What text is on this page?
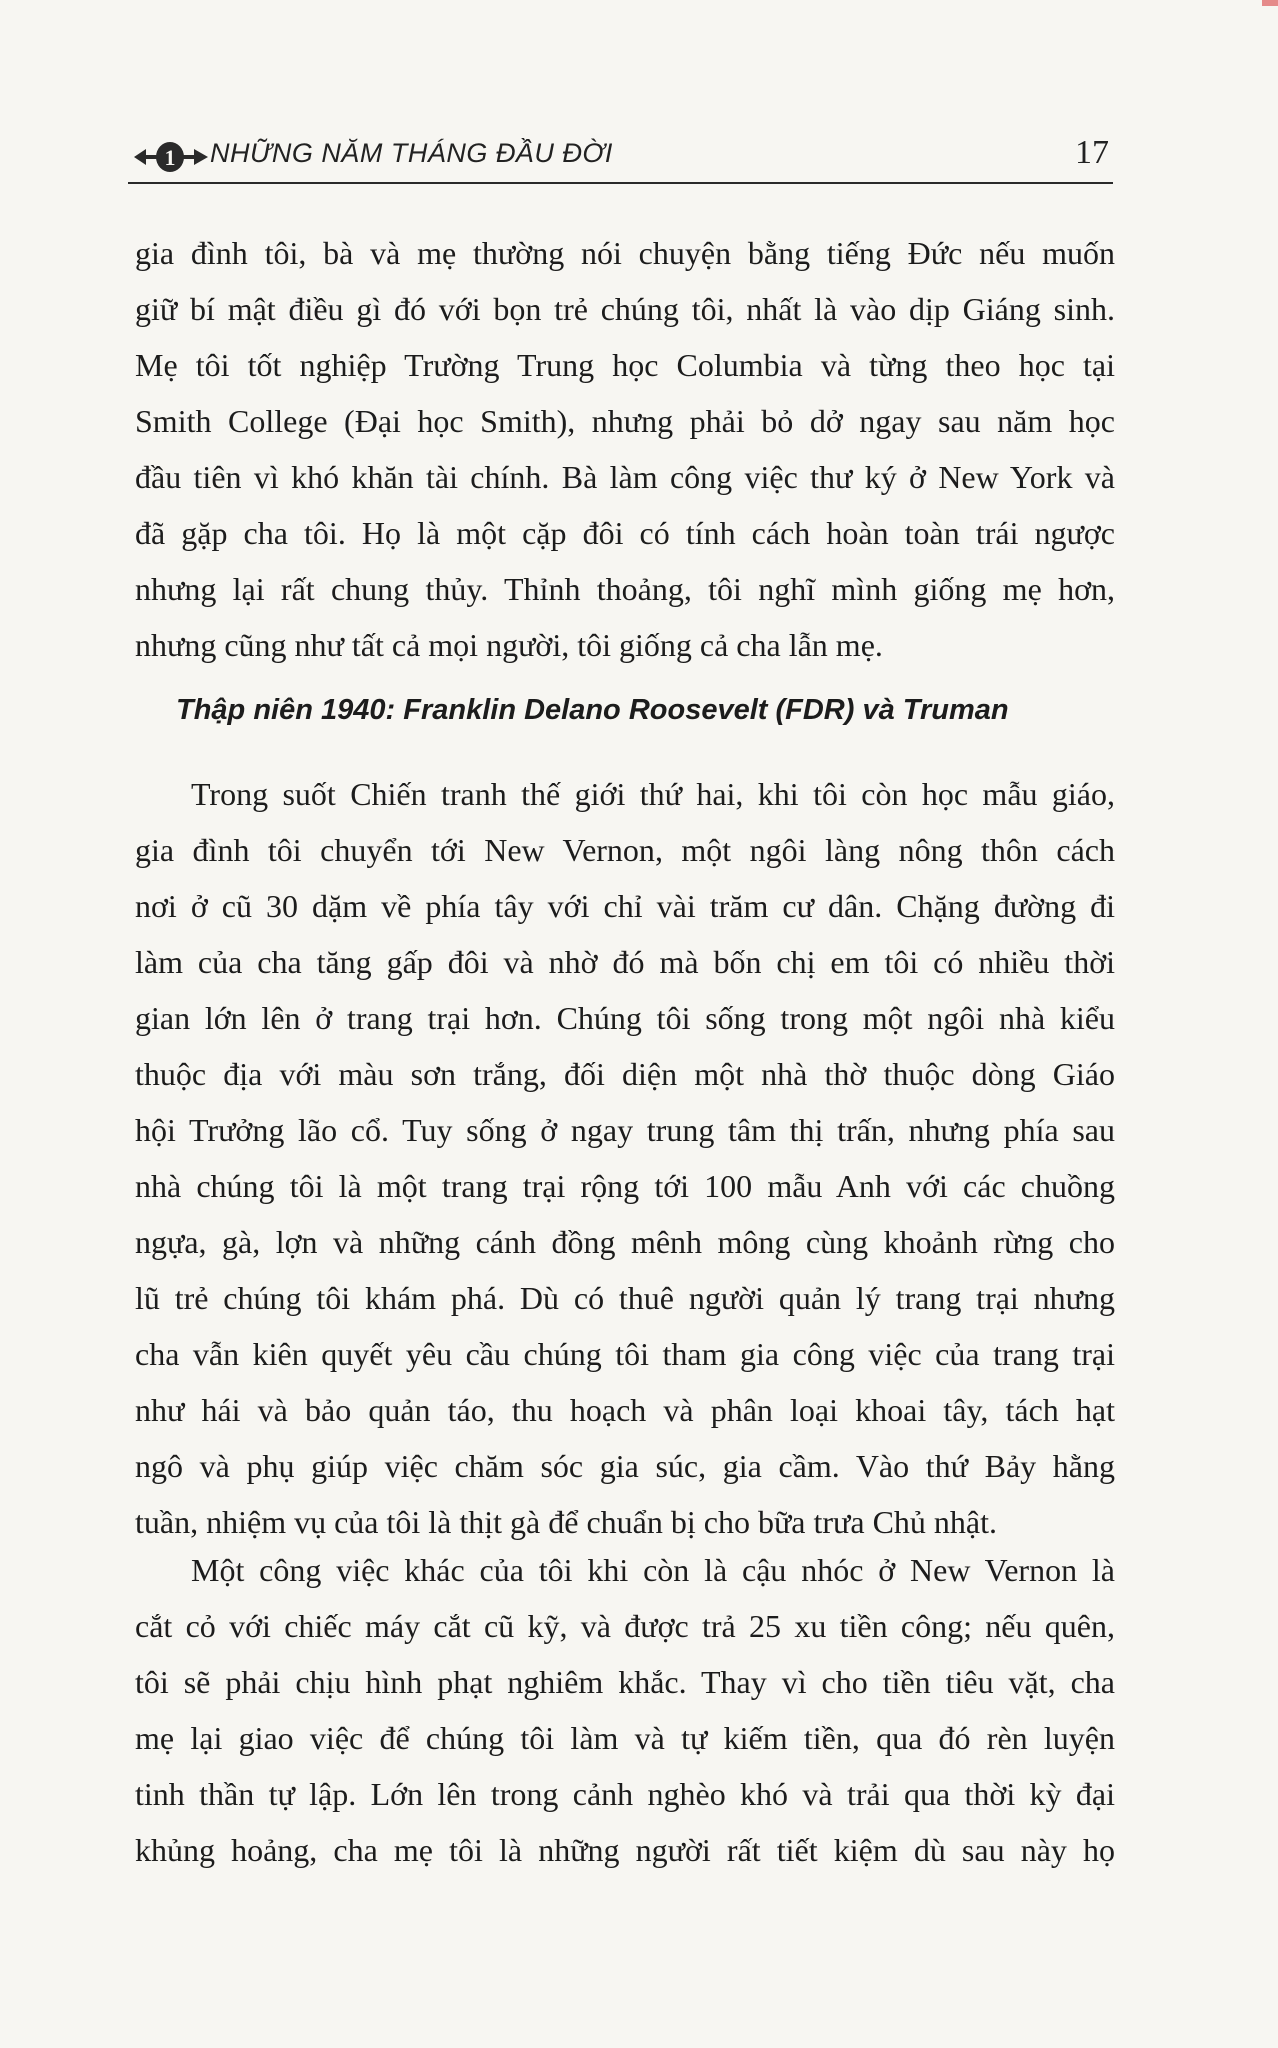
1 NHỮNG NĂM THÁNG ĐẦU ĐỜI	17
gia đình tôi, bà và mẹ thường nói chuyện bằng tiếng Đức nếu muốn
giữ bí mật điều gì đó với bọn trẻ chúng tôi, nhất là vào dịp Giáng sinh.
Mẹ tôi tốt nghiệp Trường Trung học Columbia và từng theo học tại
Smith College (Đại học Smith), nhưng phải bỏ dở ngay sau năm học
đầu tiên vì khó khăn tài chính. Bà làm công việc thư ký ở New York và
đã gặp cha tôi. Họ là một cặp đôi có tính cách hoàn toàn trái ngược
nhưng lại rất chung thủy. Thỉnh thoảng, tôi nghĩ mình giống mẹ hơn,
nhưng cũng như tất cả mọi người, tôi giống cả cha lẫn mẹ.
Thập niên 1940: Franklin Delano Roosevelt (FDR) và Truman
Trong suốt Chiến tranh thế giới thứ hai, khi tôi còn học mẫu giáo,
gia đình tôi chuyển tới New Vernon, một ngôi làng nông thôn cách
nơi ở cũ 30 dặm về phía tây với chỉ vài trăm cư dân. Chặng đường đi
làm của cha tăng gấp đôi và nhờ đó mà bốn chị em tôi có nhiều thời
gian lớn lên ở trang trại hơn. Chúng tôi sống trong một ngôi nhà kiểu
thuộc địa với màu sơn trắng, đối diện một nhà thờ thuộc dòng Giáo
hội Trưởng lão cổ. Tuy sống ở ngay trung tâm thị trấn, nhưng phía sau
nhà chúng tôi là một trang trại rộng tới 100 mẫu Anh với các chuồng
ngựa, gà, lợn và những cánh đồng mênh mông cùng khoảnh rừng cho
lũ trẻ chúng tôi khám phá. Dù có thuê người quản lý trang trại nhưng
cha vẫn kiên quyết yêu cầu chúng tôi tham gia công việc của trang trại
như hái và bảo quản táo, thu hoạch và phân loại khoai tây, tách hạt
ngô và phụ giúp việc chăm sóc gia súc, gia cầm. Vào thứ Bảy hằng
tuần, nhiệm vụ của tôi là thịt gà để chuẩn bị cho bữa trưa Chủ nhật.
Một công việc khác của tôi khi còn là cậu nhóc ở New Vernon là
cắt cỏ với chiếc máy cắt cũ kỹ, và được trả 25 xu tiền công; nếu quên,
tôi sẽ phải chịu hình phạt nghiêm khắc. Thay vì cho tiền tiêu vặt, cha
mẹ lại giao việc để chúng tôi làm và tự kiếm tiền, qua đó rèn luyện
tinh thần tự lập. Lớn lên trong cảnh nghèo khó và trải qua thời kỳ đại
khủng hoảng, cha mẹ tôi là những người rất tiết kiệm dù sau này họ
